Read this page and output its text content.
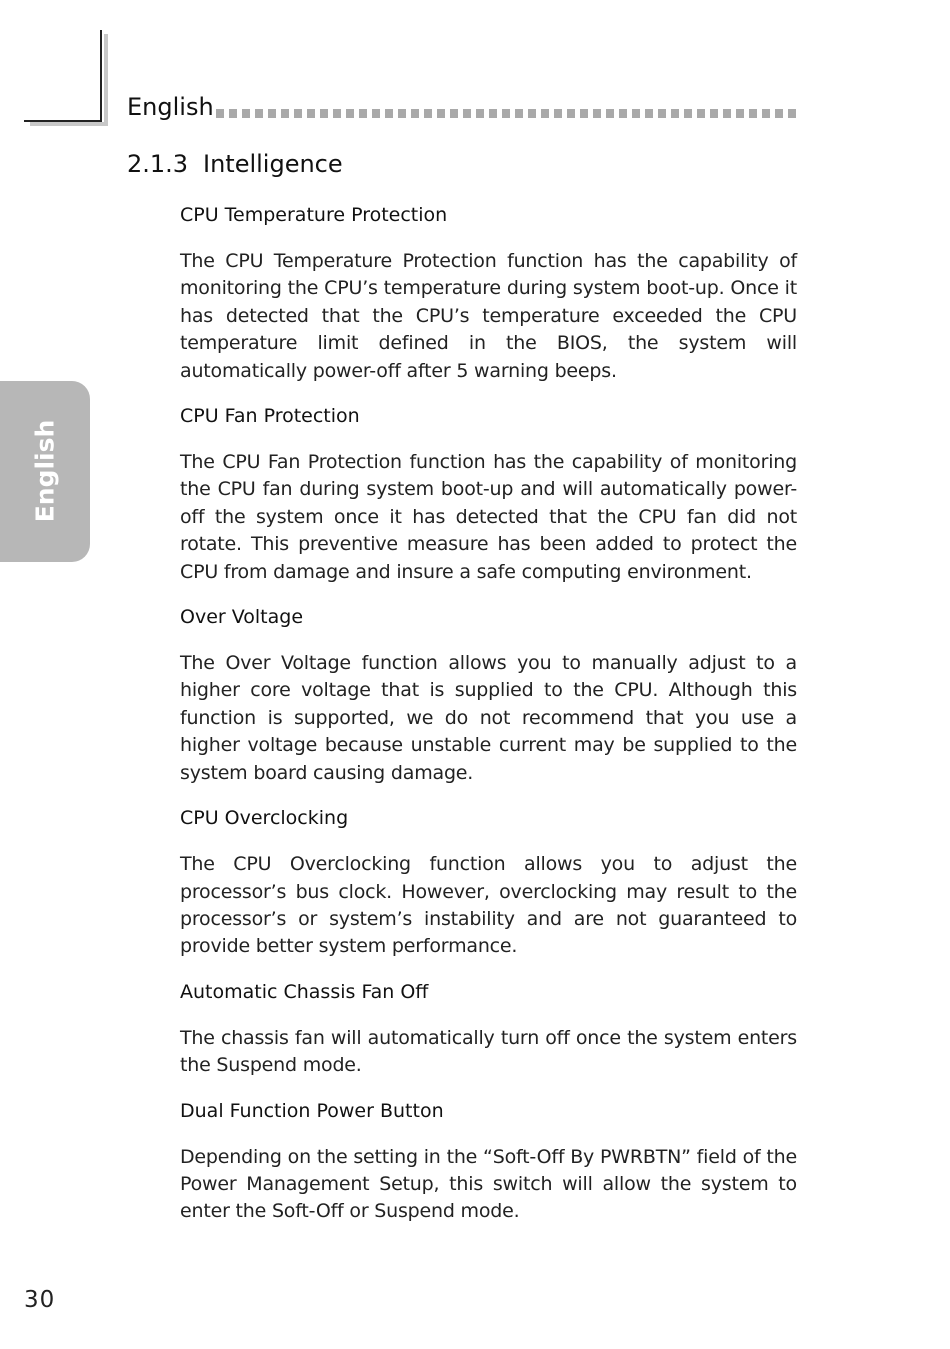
English
English
2.1.3 Intelligence
CPU Temperature Protection

The CPU Temperature Protection function has the capability of monitoring the CPU’s temperature during system boot-up. Once it has detected that the CPU’s temperature exceeded the CPU temperature limit defined in the BIOS, the system will automatically power-off after 5 warning beeps.

CPU Fan Protection

The CPU Fan Protection function has the capability of monitoring the CPU fan during system boot-up and will automatically power-off the system once it has detected that the CPU fan did not rotate. This preventive measure has been added to protect the CPU from damage and insure a safe computing environment.

Over Voltage

The Over Voltage function allows you to manually adjust to a higher core voltage that is supplied to the CPU. Although this function is supported, we do not recommend that you use a higher voltage because unstable current may be supplied to the system board causing damage.

CPU Overclocking

The CPU Overclocking function allows you to adjust the processor’s bus clock. However, overclocking may result to the processor’s or system’s instability and are not guaranteed to provide better system performance.

Automatic Chassis Fan Off

The chassis fan will automatically turn off once the system enters the Suspend mode.

Dual Function Power Button

Depending on the setting in the “Soft-Off By PWRBTN” field of the Power Management Setup, this switch will allow the system to enter the Soft-Off or Suspend mode.

30
